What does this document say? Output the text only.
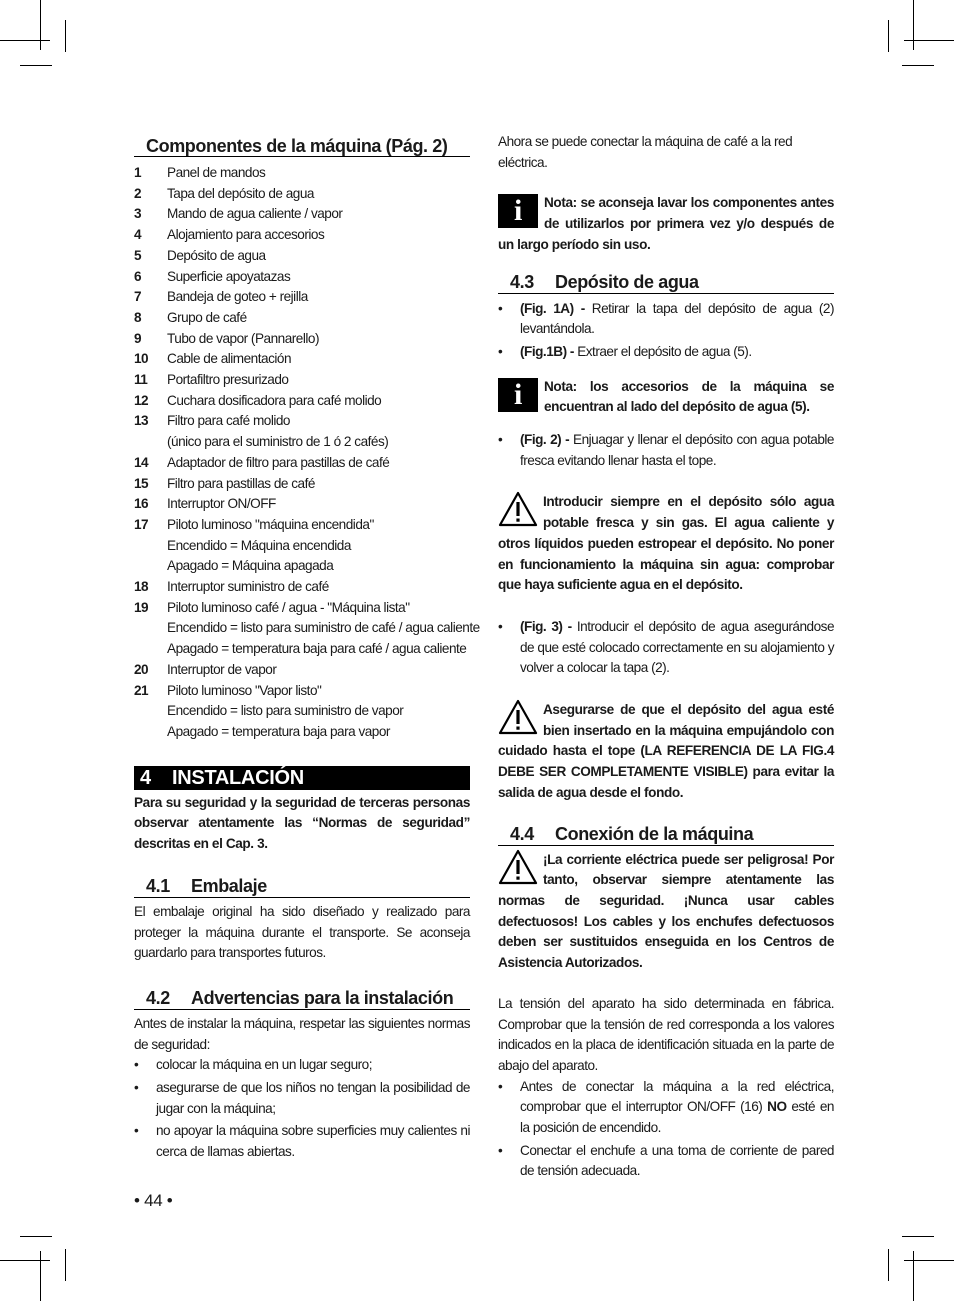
Componentes de la máquina (Pág. 2)
1	Panel de mandos
2	Tapa del depósito de agua
3	Mando de agua caliente / vapor
4	Alojamiento para accesorios
5	Depósito de agua
6	Superficie apoyatazas
7	Bandeja de goteo + rejilla
8	Grupo de café
9	Tubo de vapor (Pannarello)
10	Cable de alimentación
11	Portafiltro presurizado
12	Cuchara dosificadora para café molido
13	Filtro para café molido
(único para el suministro de 1 ó 2 cafés)
14	Adaptador de filtro para pastillas de café
15	Filtro para pastillas de café
16	Interruptor ON/OFF
17	Piloto luminoso "máquina encendida"
Encendido = Máquina encendida
Apagado = Máquina apagada
18	Interruptor suministro de café
19	Piloto luminoso café / agua - "Máquina lista"
Encendido = listo para suministro de café / agua caliente
Apagado = temperatura baja para café / agua caliente
20	Interruptor de vapor
21	Piloto luminoso "Vapor listo"
Encendido = listo para suministro de vapor
Apagado = temperatura baja para vapor
4 INSTALACIÓN
Para su seguridad y la seguridad de terceras personas observar atentamente las “Normas de seguridad” descritas en el Cap. 3.
4.1 Embalaje
El embalaje original ha sido diseñado y realizado para proteger la máquina durante el transporte. Se aconseja guardarlo para transportes futuros.
4.2 Advertencias para la instalación
Antes de instalar la máquina, respetar las siguientes normas de seguridad:
•	colocar la máquina en un lugar seguro;
•	asegurarse de que los niños no tengan la posibilidad de jugar con la máquina;
•	no apoyar la máquina sobre superficies muy calientes ni cerca de llamas abiertas.
Ahora se puede conectar la máquina de café a la red eléctrica.
i	Nota: se aconseja lavar los componentes antes de utilizarlos por primera vez y/o después de un largo período sin uso.
4.3 Depósito de agua
•	(Fig. 1A) - Retirar la tapa del depósito de agua (2) levantándola.
•	(Fig.1B) - Extraer el depósito de agua (5).
i	Nota: los accesorios de la máquina se encuentran al lado del depósito de agua (5).
•	(Fig. 2) - Enjuagar y llenar el depósito con agua potable fresca evitando llenar hasta el tope.
Introducir siempre en el depósito sólo agua potable fresca y sin gas. El agua caliente y otros líquidos pueden estropear el depósito. No poner en funcionamiento la máquina sin agua: comprobar que haya suficiente agua en el depósito.
•	(Fig. 3) - Introducir el depósito de agua asegurándose de que esté colocado correctamente en su alojamiento y volver a colocar la tapa (2).
Asegurarse de que el depósito del agua esté bien insertado en la máquina empujándolo con cuidado hasta el tope (LA REFERENCIA DE LA FIG.4 DEBE SER COMPLETAMENTE VISIBLE) para evitar la salida de agua desde el fondo.
4.4 Conexión de la máquina
¡La corriente eléctrica puede ser peligrosa! Por tanto, observar siempre atentamente las normas de seguridad. ¡Nunca usar cables defectuosos! Los cables y los enchufes defectuosos deben ser sustituidos enseguida en los Centros de Asistencia Autorizados.
La tensión del aparato ha sido determinada en fábrica. Comprobar que la tensión de red corresponda a los valores indicados en la placa de identificación situada en la parte de abajo del aparato.
•	Antes de conectar la máquina a la red eléctrica, comprobar que el interruptor ON/OFF (16) NO esté en la posición de encendido.
•	Conectar el enchufe a una toma de corriente de pared de tensión adecuada.
• 44 •
